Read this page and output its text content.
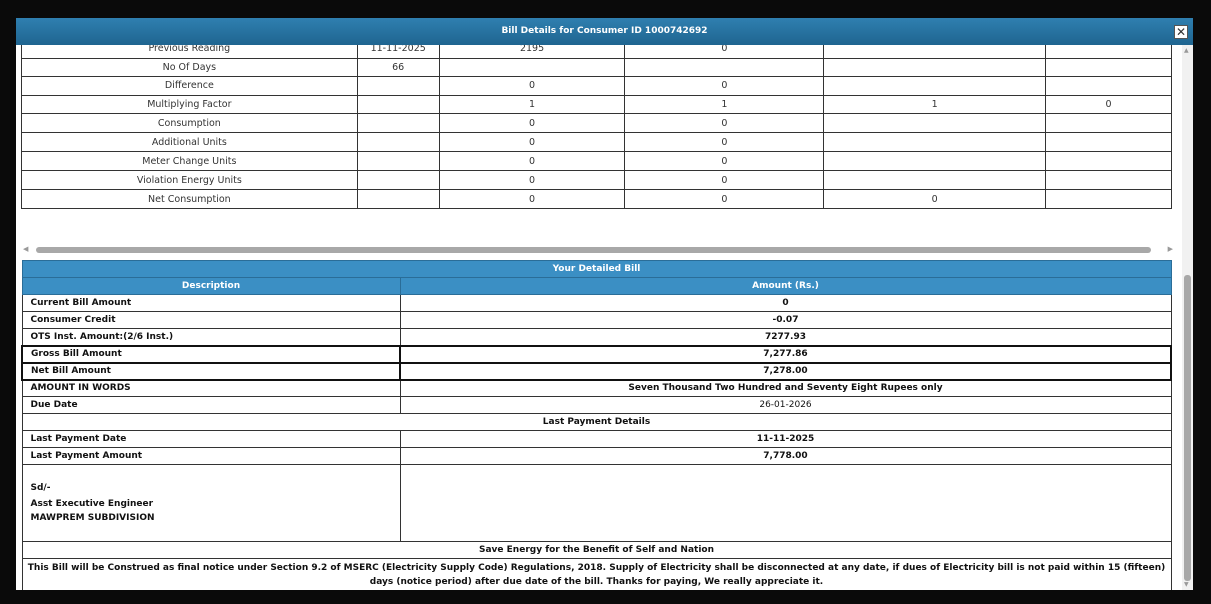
Bill Details for Consumer ID 1000742692	✕
Previous Reading	11-11-2025	2195	0		
No Of Days	66				
Difference		0	0		
Multiplying Factor		1	1	1	0
Consumption		0	0		
Additional Units		0	0		
Meter Change Units		0	0		
Violation Energy Units		0	0		
Net Consumption		0	0	0	
◀	▶
Your Detailed Bill	
Description	Amount (Rs.)
Current Bill Amount	0
Consumer Credit	-0.07
OTS Inst. Amount:(2/6 Inst.)	7277.93
Gross Bill Amount	7,277.86
Net Bill Amount	7,278.00
AMOUNT IN WORDS	Seven Thousand Two Hundred and Seventy Eight Rupees only
Due Date	26-01-2026
Last Payment Details	
Last Payment Date	11-11-2025
Last Payment Amount	7,778.00

Sd/-
Asst Executive Engineer
MAWPREM SUBDIVISION	

Save Energy for the Benefit of Self and Nation	
This Bill will be Construed as final notice under Section 9.2 of MSERC (Electricity Supply Code) Regulations, 2018. Supply of Electricity shall be disconnected at any date, if dues of Electricity bill is not paid within 15 (fifteen) days (notice period) after due date of the bill. Thanks for paying, We really appreciate it.	
▲
▼
